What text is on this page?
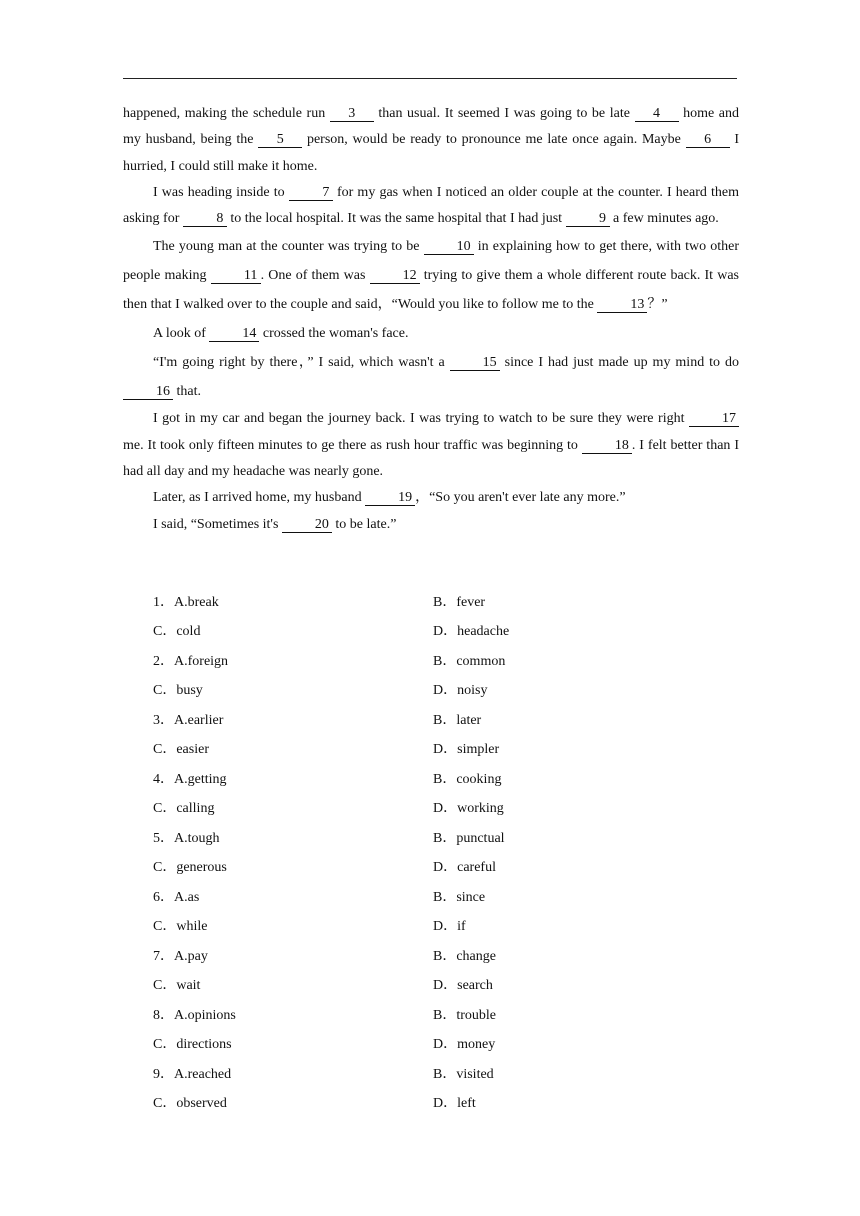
happened, making the schedule run 3 than usual. It seemed I was going to be late 4 home and my husband, being the 5 person, would be ready to pronounce me late once again. Maybe 6 I hurried, I could still make it home.

I was heading inside to 7 for my gas when I noticed an older couple at the counter. I heard them asking for 8 to the local hospital. It was the same hospital that I had just 9 a few minutes ago.

The young man at the counter was trying to be 10 in explaining how to get there, with two other people making 11 . One of them was 12 trying to give them a whole different route back. It was then that I walked over to the couple and said，“Would you like to follow me to the 13 ？”

A look of 14 crossed the woman's face.

“I'm going right by there，” I said, which wasn't a 15 since I had just made up my mind to do 16 that.

I got in my car and began the journey back. I was trying to watch to be sure they were right 17 me. It took only fifteen minutes to ge there as rush hour traffic was beginning to 18 . I felt better than I had all day and my headache was nearly gone.

Later, as I arrived home, my husband 19 ，“So you aren't ever late any more.”

I said, “Sometimes it's 20 to be late.”

1．A.break	B．fever
C．cold	D．headache
2．A.foreign	B．common
C．busy	D．noisy
3．A.earlier	B．later
C．easier	D．simpler
4．A.getting	B．cooking
C．calling	D．working
5．A.tough	B．punctual
C．generous	D．careful
6．A.as	B．since
C．while	D．if
7．A.pay	B．change
C．wait	D．search
8．A.opinions	B．trouble
C．directions	D．money
9．A.reached	B．visited
C．observed	D．left
